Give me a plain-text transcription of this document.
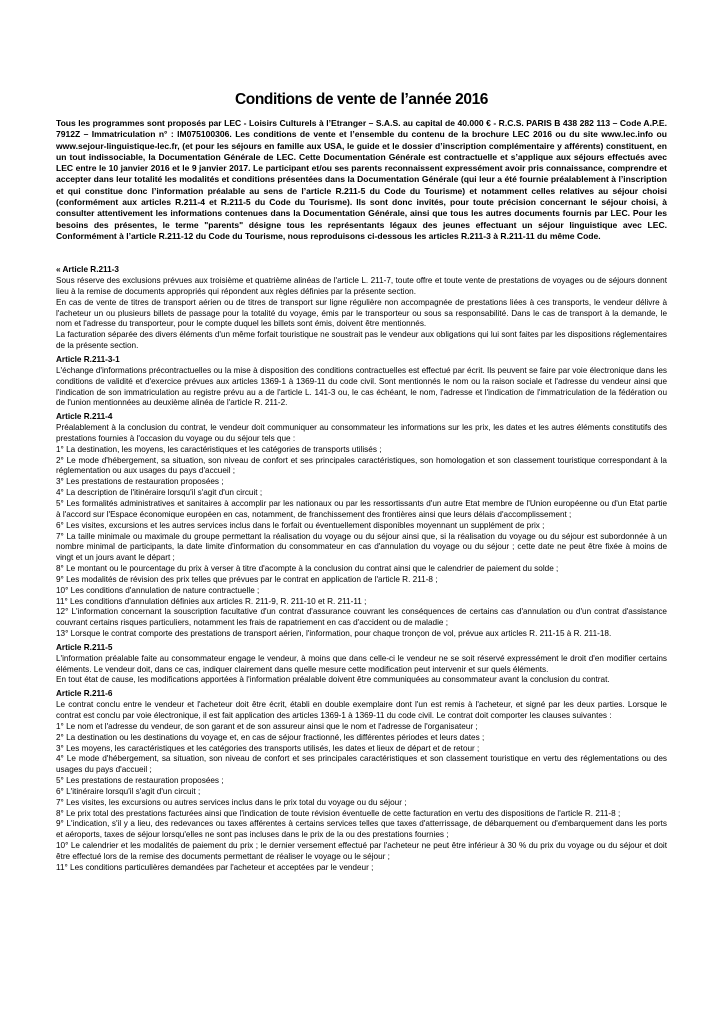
Conditions de vente de l’année 2016

Tous les programmes sont proposés par LEC - Loisirs Culturels à l’Etranger – S.A.S. au capital de 40.000 € - R.C.S. PARIS B 438 282 113 – Code A.P.E. 7912Z – Immatriculation n° : IM075100306. Les conditions de vente et l’ensemble du contenu de la brochure LEC 2016 ou du site www.lec.info ou www.sejour-linguistique-lec.fr, (et pour les séjours en famille aux USA, le guide et le dossier d’inscription complémentaire y afférents) constituent, en un tout indissociable, la Documentation Générale de LEC. Cette Documentation Générale est contractuelle et s’applique aux séjours effectués avec LEC entre le 10 janvier 2016 et le 9 janvier 2017. Le participant et/ou ses parents reconnaissent expressément avoir pris connaissance, comprendre et accepter dans leur totalité les modalités et conditions présentées dans la Documentation Générale (qui leur a été fournie préalablement à l’inscription et qui constitue donc l’information préalable au sens de l’article R.211-5 du Code du Tourisme) et notamment celles relatives au séjour choisi (conformément aux articles R.211-4 et R.211-5 du Code du Tourisme). Ils sont donc invités, pour toute précision concernant le séjour choisi, à consulter attentivement les informations contenues dans la Documentation Générale, ainsi que tous les autres documents fournis par LEC. Pour les besoins des présentes, le terme "parents" désigne tous les représentants légaux des jeunes effectuant un séjour linguistique avec LEC. Conformément à l’article R.211-12 du Code du Tourisme, nous reproduisons ci-dessous les articles R.211-3 à R.211-11 du même Code.

« Article R.211-3
Sous réserve des exclusions prévues aux troisième et quatrième alinéas de l'article L. 211-7, toute offre et toute vente de prestations de voyages ou de séjours donnent lieu à la remise de documents appropriés qui répondent aux règles définies par la présente section.
En cas de vente de titres de transport aérien ou de titres de transport sur ligne régulière non accompagnée de prestations liées à ces transports, le vendeur délivre à l'acheteur un ou plusieurs billets de passage pour la totalité du voyage, émis par le transporteur ou sous sa responsabilité. Dans le cas de transport à la demande, le nom et l'adresse du transporteur, pour le compte duquel les billets sont émis, doivent être mentionnés.
La facturation séparée des divers éléments d'un même forfait touristique ne soustrait pas le vendeur aux obligations qui lui sont faites par les dispositions réglementaires de la présente section.
Article R.211-3-1
L'échange d'informations précontractuelles ou la mise à disposition des conditions contractuelles est effectué par écrit. Ils peuvent se faire par voie électronique dans les conditions de validité et d'exercice prévues aux articles 1369-1 à 1369-11 du code civil. Sont mentionnés le nom ou la raison sociale et l'adresse du vendeur ainsi que l'indication de son immatriculation au registre prévu au a de l'article L. 141-3 ou, le cas échéant, le nom, l'adresse et l'indication de l'immatriculation de la fédération ou de l'union mentionnées au deuxième alinéa de l'article R. 211-2.
Article R.211-4
Préalablement à la conclusion du contrat, le vendeur doit communiquer au consommateur les informations sur les prix, les dates et les autres éléments constitutifs des prestations fournies à l'occasion du voyage ou du séjour tels que :
1° La destination, les moyens, les caractéristiques et les catégories de transports utilisés ;
2° Le mode d'hébergement, sa situation, son niveau de confort et ses principales caractéristiques, son homologation et son classement touristique correspondant à la réglementation ou aux usages du pays d'accueil ;
3° Les prestations de restauration proposées ;
4° La description de l'itinéraire lorsqu'il s'agit d'un circuit ;
5° Les formalités administratives et sanitaires à accomplir par les nationaux ou par les ressortissants d'un autre Etat membre de l'Union européenne ou d'un Etat partie à l'accord sur l'Espace économique européen en cas, notamment, de franchissement des frontières ainsi que leurs délais d'accomplissement ;
6° Les visites, excursions et les autres services inclus dans le forfait ou éventuellement disponibles moyennant un supplément de prix ;
7° La taille minimale ou maximale du groupe permettant la réalisation du voyage ou du séjour ainsi que, si la réalisation du voyage ou du séjour est subordonnée à un nombre minimal de participants, la date limite d'information du consommateur en cas d'annulation du voyage ou du séjour ; cette date ne peut être fixée à moins de vingt et un jours avant le départ ;
8° Le montant ou le pourcentage du prix à verser à titre d'acompte à la conclusion du contrat ainsi que le calendrier de paiement du solde ;
9° Les modalités de révision des prix telles que prévues par le contrat en application de l'article R. 211-8 ;
10° Les conditions d'annulation de nature contractuelle ;
11° Les conditions d'annulation définies aux articles R. 211-9, R. 211-10 et R. 211-11 ;
12° L'information concernant la souscription facultative d'un contrat d'assurance couvrant les conséquences de certains cas d'annulation ou d'un contrat d'assistance couvrant certains risques particuliers, notamment les frais de rapatriement en cas d'accident ou de maladie ;
13° Lorsque le contrat comporte des prestations de transport aérien, l'information, pour chaque tronçon de vol, prévue aux articles R. 211-15 à R. 211-18.
Article R.211-5
L'information préalable faite au consommateur engage le vendeur, à moins que dans celle-ci le vendeur ne se soit réservé expressément le droit d'en modifier certains éléments. Le vendeur doit, dans ce cas, indiquer clairement dans quelle mesure cette modification peut intervenir et sur quels éléments.
En tout état de cause, les modifications apportées à l'information préalable doivent être communiquées au consommateur avant la conclusion du contrat.
Article R.211-6
Le contrat conclu entre le vendeur et l'acheteur doit être écrit, établi en double exemplaire dont l'un est remis à l'acheteur, et signé par les deux parties. Lorsque le contrat est conclu par voie électronique, il est fait application des articles 1369-1 à 1369-11 du code civil. Le contrat doit comporter les clauses suivantes :
1° Le nom et l'adresse du vendeur, de son garant et de son assureur ainsi que le nom et l'adresse de l'organisateur ;
2° La destination ou les destinations du voyage et, en cas de séjour fractionné, les différentes périodes et leurs dates ;
3° Les moyens, les caractéristiques et les catégories des transports utilisés, les dates et lieux de départ et de retour ;
4° Le mode d'hébergement, sa situation, son niveau de confort et ses principales caractéristiques et son classement touristique en vertu des réglementations ou des usages du pays d'accueil ;
5° Les prestations de restauration proposées ;
6° L'itinéraire lorsqu'il s'agit d'un circuit ;
7° Les visites, les excursions ou autres services inclus dans le prix total du voyage ou du séjour ;
8° Le prix total des prestations facturées ainsi que l'indication de toute révision éventuelle de cette facturation en vertu des dispositions de l'article R. 211-8 ;
9° L'indication, s'il y a lieu, des redevances ou taxes afférentes à certains services telles que taxes d'atterrissage, de débarquement ou d'embarquement dans les ports et aéroports, taxes de séjour lorsqu'elles ne sont pas incluses dans le prix de la ou des prestations fournies ;
10° Le calendrier et les modalités de paiement du prix ; le dernier versement effectué par l'acheteur ne peut être inférieur à 30 % du prix du voyage ou du séjour et doit être effectué lors de la remise des documents permettant de réaliser le voyage ou le séjour ;
11° Les conditions particulières demandées par l'acheteur et acceptées par le vendeur ;
